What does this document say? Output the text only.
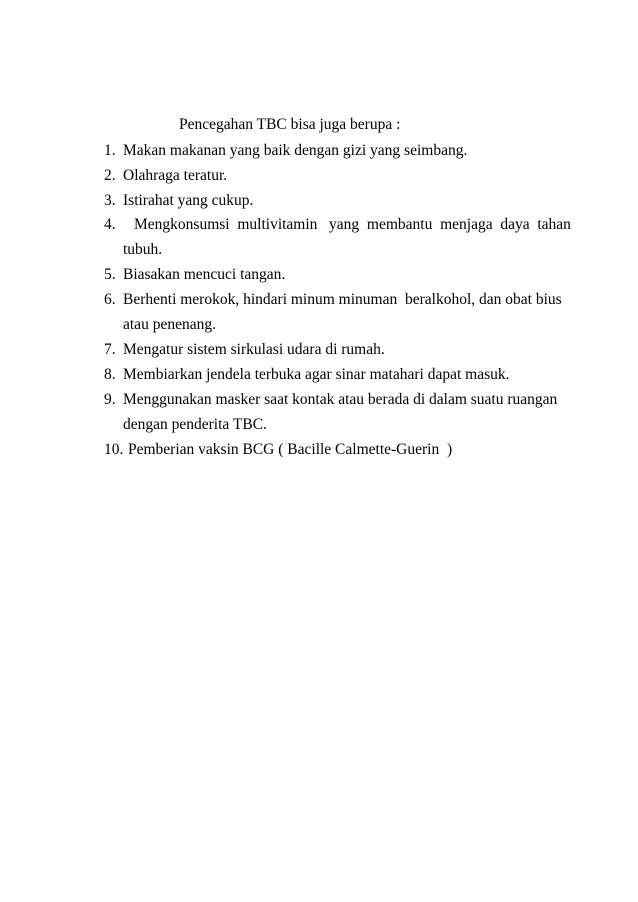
Pencegahan TBC bisa juga berupa :
1. Makan makanan yang baik dengan gizi yang seimbang.
2. Olahraga teratur.
3. Istirahat yang cukup.
4. Mengkonsumsi  multivitamin   yang  membantu  menjaga  daya  tahan
tubuh.
5. Biasakan mencuci tangan.
6. Berhenti merokok, hindari minum minuman  beralkohol, dan obat bius
atau penenang.
7. Mengatur sistem sirkulasi udara di rumah.
8. Membiarkan jendela terbuka agar sinar matahari dapat masuk.
9. Menggunakan masker saat kontak atau berada di dalam suatu ruangan
dengan penderita TBC.
10. Pemberian vaksin BCG ( Bacille Calmette-Guerin  )
